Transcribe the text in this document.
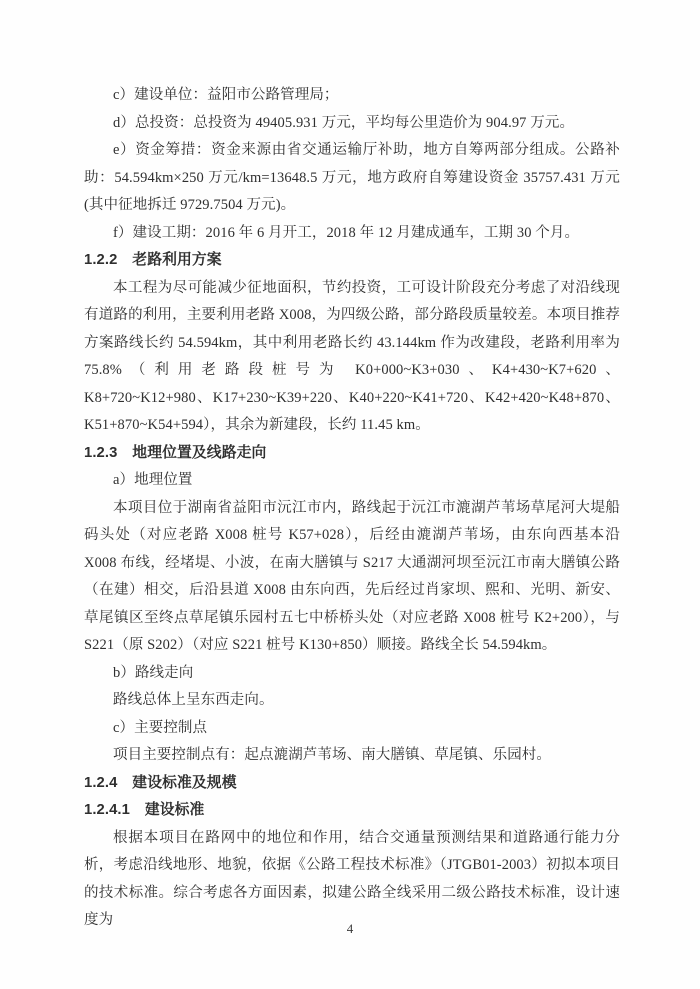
c）建设单位：益阳市公路管理局；

d）总投资：总投资为 49405.931 万元，平均每公里造价为 904.97 万元。

e）资金筹措：资金来源由省交通运输厅补助，地方自筹两部分组成。公路补助：54.594km×250 万元/km=13648.5 万元，地方政府自筹建设资金 35757.431 万元(其中征地拆迁 9729.7504 万元)。

f）建设工期：2016 年 6 月开工，2018 年 12 月建成通车，工期 30 个月。

1.2.2　老路利用方案

本工程为尽可能减少征地面积，节约投资，工可设计阶段充分考虑了对沿线现有道路的利用，主要利用老路 X008，为四级公路，部分路段质量较差。本项目推荐方案路线长约 54.594km，其中利用老路长约 43.144km 作为改建段，老路利用率为 75.8%（利用老路段桩号为 K0+000~K3+030、K4+430~K7+620、K8+720~K12+980、K17+230~K39+220、K40+220~K41+720、K42+420~K48+870、K51+870~K54+594），其余为新建段，长约 11.45 km。

1.2.3　地理位置及线路走向

a）地理位置

本项目位于湖南省益阳市沅江市内，路线起于沅江市漉湖芦苇场草尾河大堤船码头处（对应老路 X008 桩号 K57+028），后经由漉湖芦苇场，由东向西基本沿 X008 布线，经堵堤、小波，在南大膳镇与 S217 大通湖河坝至沅江市南大膳镇公路（在建）相交，后沿县道 X008 由东向西，先后经过肖家坝、熙和、光明、新安、草尾镇区至终点草尾镇乐园村五七中桥桥头处（对应老路 X008 桩号 K2+200），与 S221（原 S202）（对应 S221 桩号 K130+850）顺接。路线全长 54.594km。

b）路线走向

路线总体上呈东西走向。

c）主要控制点

项目主要控制点有：起点漉湖芦苇场、南大膳镇、草尾镇、乐园村。

1.2.4　建设标准及规模
1.2.4.1　建设标准

根据本项目在路网中的地位和作用，结合交通量预测结果和道路通行能力分析，考虑沿线地形、地貌，依据《公路工程技术标准》（JTGB01-2003）初拟本项目的技术标准。综合考虑各方面因素，拟建公路全线采用二级公路技术标准，设计速度为

4
